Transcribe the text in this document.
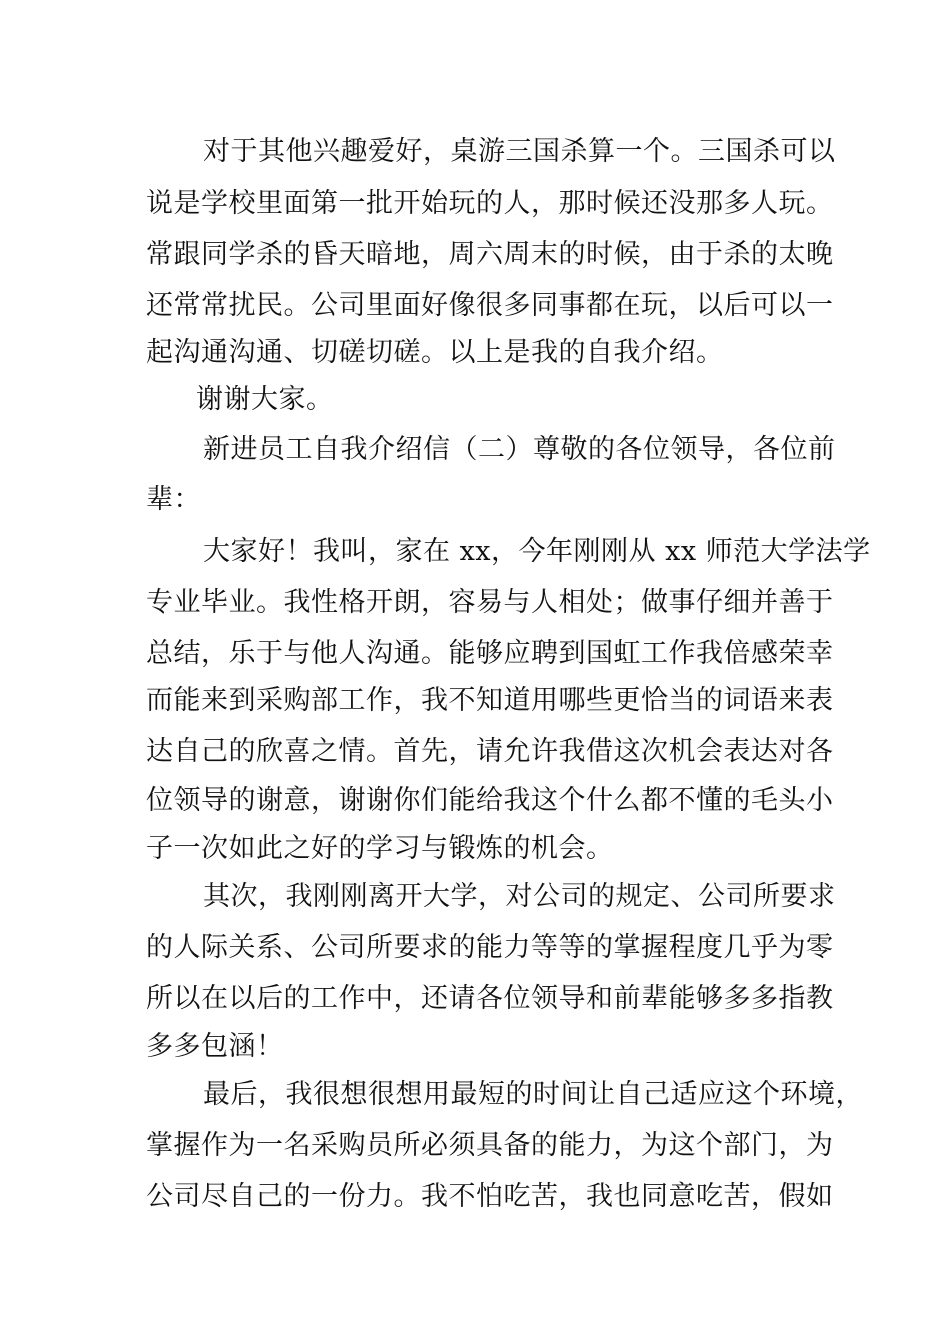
对于其他兴趣爱好，桌游三国杀算一个。三国杀可以
说是学校里面第一批开始玩的人，那时候还没那多人玩。
常跟同学杀的昏天暗地，周六周末的时候，由于杀的太晚
还常常扰民。公司里面好像很多同事都在玩，以后可以一
起沟通沟通、切磋切磋。以上是我的自我介绍。
谢谢大家。
新进员工自我介绍信（二）尊敬的各位领导，各位前
辈：
大家好！我叫，家在 xx，今年刚刚从 xx 师范大学法学
专业毕业。我性格开朗，容易与人相处；做事仔细并善于
总结，乐于与他人沟通。能够应聘到国虹工作我倍感荣幸
而能来到采购部工作，我不知道用哪些更恰当的词语来表
达自己的欣喜之情。首先，请允许我借这次机会表达对各
位领导的谢意，谢谢你们能给我这个什么都不懂的毛头小
子一次如此之好的学习与锻炼的机会。
其次，我刚刚离开大学，对公司的规定、公司所要求
的人际关系、公司所要求的能力等等的掌握程度几乎为零
所以在以后的工作中，还请各位领导和前辈能够多多指教
多多包涵！
最后，我很想很想用最短的时间让自己适应这个环境，
掌握作为一名采购员所必须具备的能力，为这个部门，为
公司尽自己的一份力。我不怕吃苦，我也同意吃苦，假如
